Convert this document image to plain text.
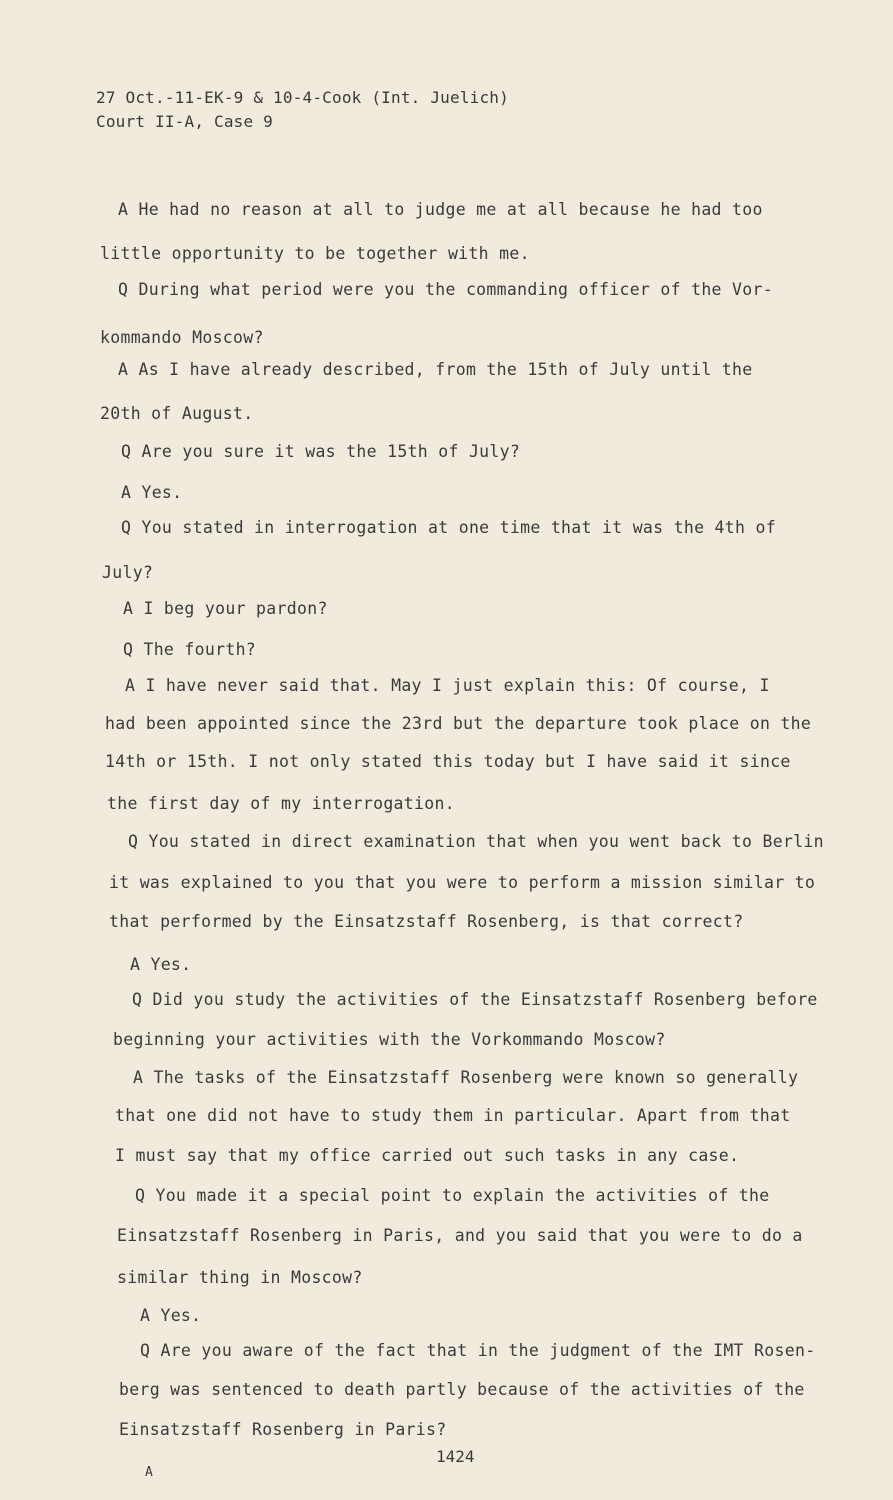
27 Oct.-11-EK-9 & 10-4-Cook (Int. Juelich)
Court II-A, Case 9
A He had no reason at all to judge me at all because he had too
little opportunity to be together with me.
Q During what period were you the commanding officer of the Vor-
kommando Moscow?
A As I have already described, from the 15th of July until the
20th of August.
Q Are you sure it was the 15th of July?
A Yes.
Q You stated in interrogation at one time that it was the 4th of
July?
A I beg your pardon?
Q The fourth?
A I have never said that. May I just explain this: Of course, I
had been appointed since the 23rd but the departure took place on the
14th or 15th. I not only stated this today but I have said it since
the first day of my interrogation.
Q You stated in direct examination that when you went back to Berlin
it was explained to you that you were to perform a mission similar to
that performed by the Einsatzstaff Rosenberg, is that correct?
A Yes.
Q Did you study the activities of the Einsatzstaff Rosenberg before
beginning your activities with the Vorkommando Moscow?
A The tasks of the Einsatzstaff Rosenberg were known so generally
that one did not have to study them in particular. Apart from that
I must say that my office carried out such tasks in any case.
Q You made it a special point to explain the activities of the
Einsatzstaff Rosenberg in Paris, and you said that you were to do a
similar thing in Moscow?
A Yes.
Q Are you aware of the fact that in the judgment of the IMT Rosen-
berg was sentenced to death partly because of the activities of the
Einsatzstaff Rosenberg in Paris?
1424
A
